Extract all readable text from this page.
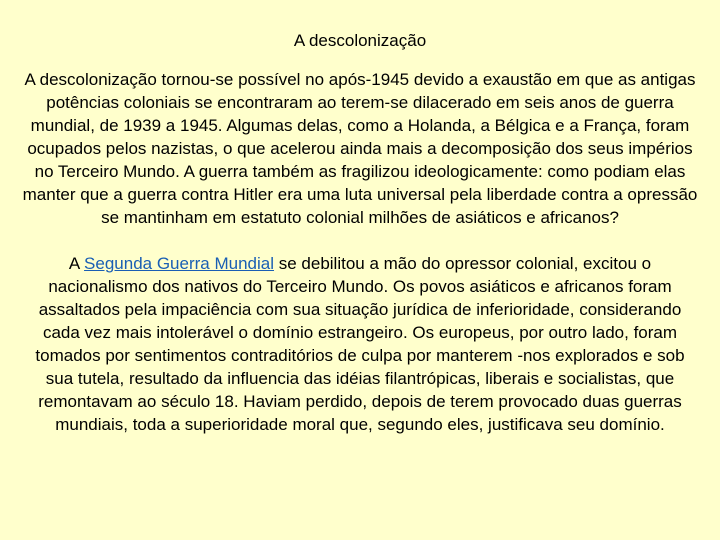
A descolonização

A descolonização tornou-se possível no após-1945 devido a exaustão em que as antigas potências coloniais se encontraram ao terem-se dilacerado em seis anos de guerra mundial, de 1939 a 1945. Algumas delas, como a Holanda, a Bélgica e a França, foram ocupados pelos nazistas, o que acelerou ainda mais a decomposição dos seus impérios no Terceiro Mundo. A guerra também as fragilizou ideologicamente: como podiam elas manter que a guerra contra Hitler era uma luta universal pela liberdade contra a opressão se mantinham em estatuto colonial milhões de asiáticos e africanos?

A Segunda Guerra Mundial se debilitou a mão do opressor colonial, excitou o nacionalismo dos nativos do Terceiro Mundo. Os povos asiáticos e africanos foram assaltados pela impaciência com sua situação jurídica de inferioridade, considerando cada vez mais intolerável o domínio estrangeiro. Os europeus, por outro lado, foram tomados por sentimentos contraditórios de culpa por manterem -nos explorados e sob sua tutela, resultado da influencia das idéias filantrópicas, liberais e socialistas, que remontavam ao século 18. Haviam perdido, depois de terem provocado duas guerras mundiais, toda a superioridade moral que, segundo eles, justificava seu domínio.
